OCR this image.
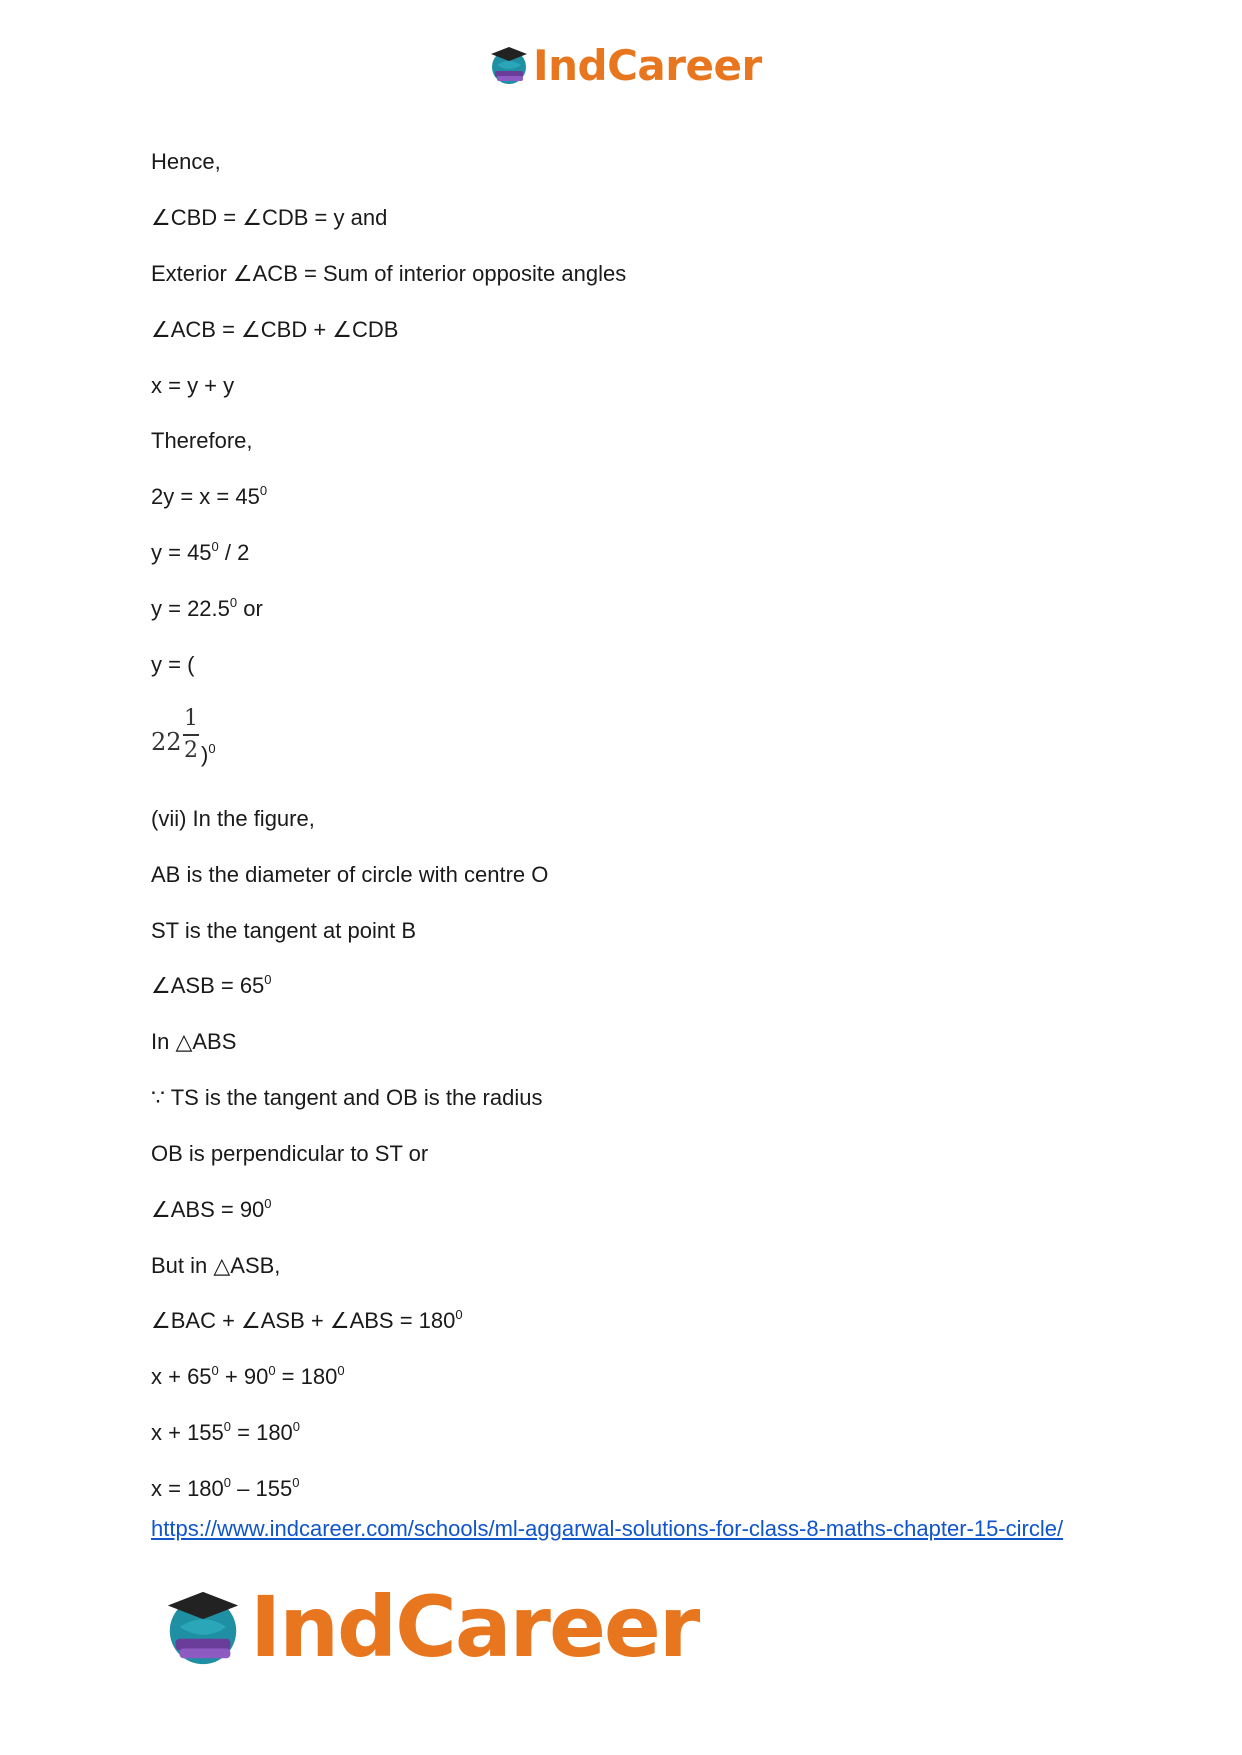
IndCareer
Hence,
∠CBD = ∠CDB = y and
Exterior ∠ACB = Sum of interior opposite angles
∠ACB = ∠CBD + ∠CDB
x = y + y
Therefore,
$2y = x = 45^0$
$y = 45^0 / 2$
$y = 22.5^0$ or
y = (
22
1
2 )$^0$
(vii) In the figure,
AB is the diameter of circle with centre O
ST is the tangent at point B
∠ASB = $65^0$
In △ABS
∵ TS is the tangent and OB is the radius
OB is perpendicular to ST or
∠ABS = $90^0$
But in △ASB,
∠BAC + ∠ASB + ∠ABS = $180^0$
$x + 65^0 + 90^0 = 180^0$
$x + 155^0 = 180^0$
$x = 180^0 - 155^0$
https://www.indcareer.com/schools/ml-aggarwal-solutions-for-class-8-maths-chapter-15-circle/
IndCareer
